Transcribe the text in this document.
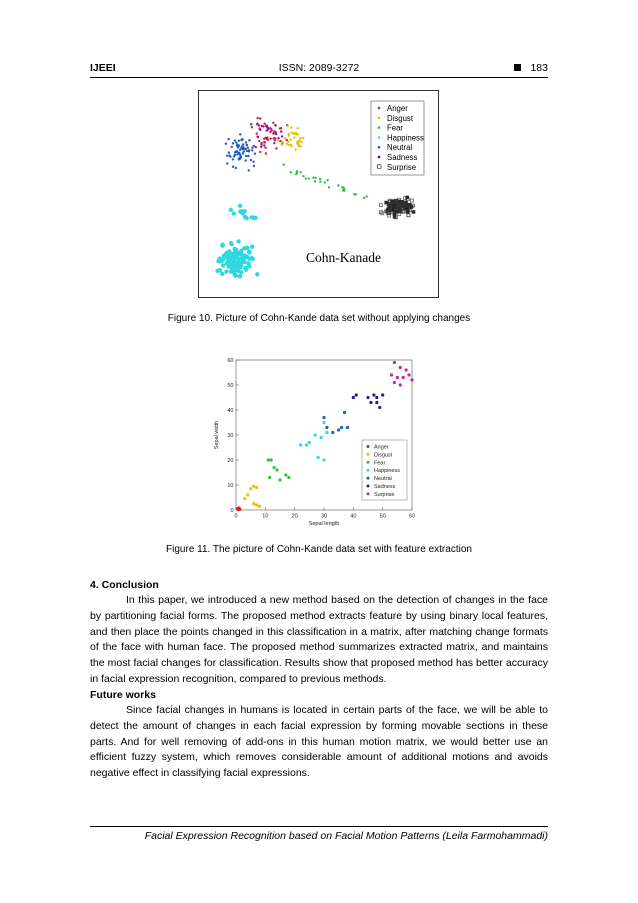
IJEEI	ISSN: 2089-3272	183
Anger
Disgust
Fear
Happiness
Neutral
Sadness
Surprise
Cohn-Kanade
Figure 10. Picture of Cohn-Kande data set without applying changes
0	10	20	30	40	50	60
0
10
20
30
40
50
60
Sepal length
Sepal width	Anger
Disgust
Fear
Happiness
Neutral
Sadness
Surprise
Figure 11. The picture of Cohn-Kande data set with feature extraction
4. Conclusion

In this paper, we introduced a new method based on the detection of changes in the face by partitioning facial forms. The proposed method extracts feature by using binary local features, and then place the points changed in this classification in a matrix, after matching change formats of the face with human face. The proposed method summarizes extracted matrix, and maintains the most facial changes for classification. Results show that proposed method has better accuracy in facial expression recognition, compared to previous methods.

Future works

Since facial changes in humans is located in certain parts of the face, we will be able to detect the amount of changes in each facial expression by forming movable sections in these parts. And for well removing of add-ons in this human motion matrix, we would better use an efficient fuzzy system, which removes considerable amount of additional motions and avoids negative effect in classifying facial expressions.

Facial Expression Recognition based on Facial Motion Patterns (Leila Farmohammadi)
